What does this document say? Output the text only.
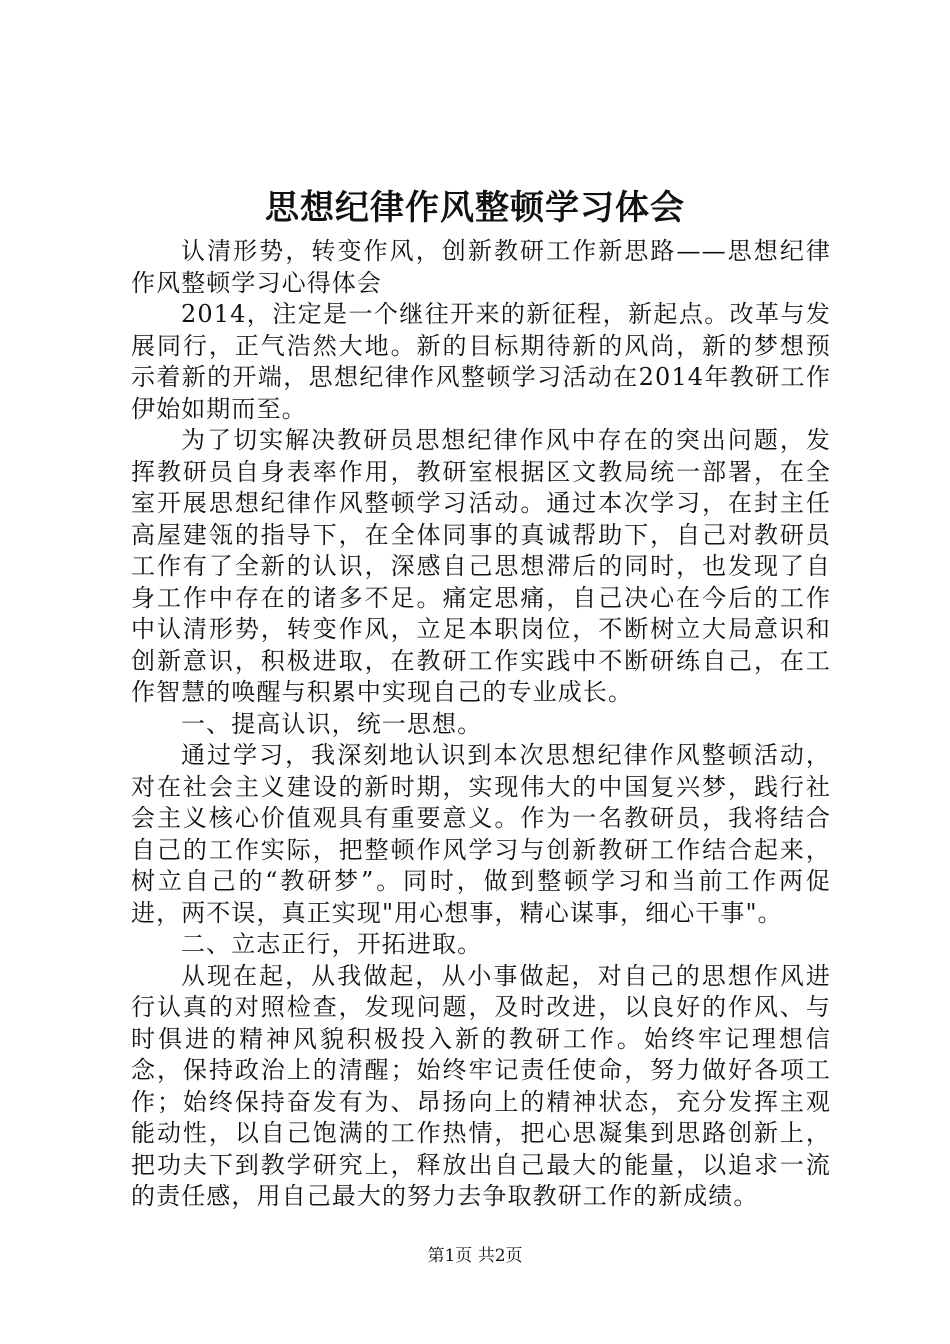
思想纪律作风整顿学习体会

认清形势，转变作风，创新教研工作新思路——思想纪律作风整顿学习心得体会

2014，注定是一个继往开来的新征程，新起点。改革与发展同行，正气浩然大地。新的目标期待新的风尚，新的梦想预示着新的开端，思想纪律作风整顿学习活动在2014年教研工作伊始如期而至。

为了切实解决教研员思想纪律作风中存在的突出问题，发挥教研员自身表率作用，教研室根据区文教局统一部署，在全室开展思想纪律作风整顿学习活动。通过本次学习，在封主任高屋建瓴的指导下，在全体同事的真诚帮助下，自己对教研员工作有了全新的认识，深感自己思想滞后的同时，也发现了自身工作中存在的诸多不足。痛定思痛，自己决心在今后的工作中认清形势，转变作风，立足本职岗位，不断树立大局意识和创新意识，积极进取，在教研工作实践中不断研练自己，在工作智慧的唤醒与积累中实现自己的专业成长。

一、提高认识，统一思想。

通过学习，我深刻地认识到本次思想纪律作风整顿活动，对在社会主义建设的新时期，实现伟大的中国复兴梦，践行社会主义核心价值观具有重要意义。作为一名教研员，我将结合自己的工作实际，把整顿作风学习与创新教研工作结合起来，树立自己的“教研梦”。同时，做到整顿学习和当前工作两促进，两不误，真正实现"用心想事，精心谋事，细心干事"。

二、立志正行，开拓进取。

从现在起，从我做起，从小事做起，对自己的思想作风进行认真的对照检查，发现问题，及时改进，以良好的作风、与时俱进的精神风貌积极投入新的教研工作。始终牢记理想信念，保持政治上的清醒；始终牢记责任使命，努力做好各项工作；始终保持奋发有为、昂扬向上的精神状态，充分发挥主观能动性，以自己饱满的工作热情，把心思凝集到思路创新上，把功夫下到教学研究上，释放出自己最大的能量，以追求一流的责任感，用自己最大的努力去争取教研工作的新成绩。

第1页 共2页
